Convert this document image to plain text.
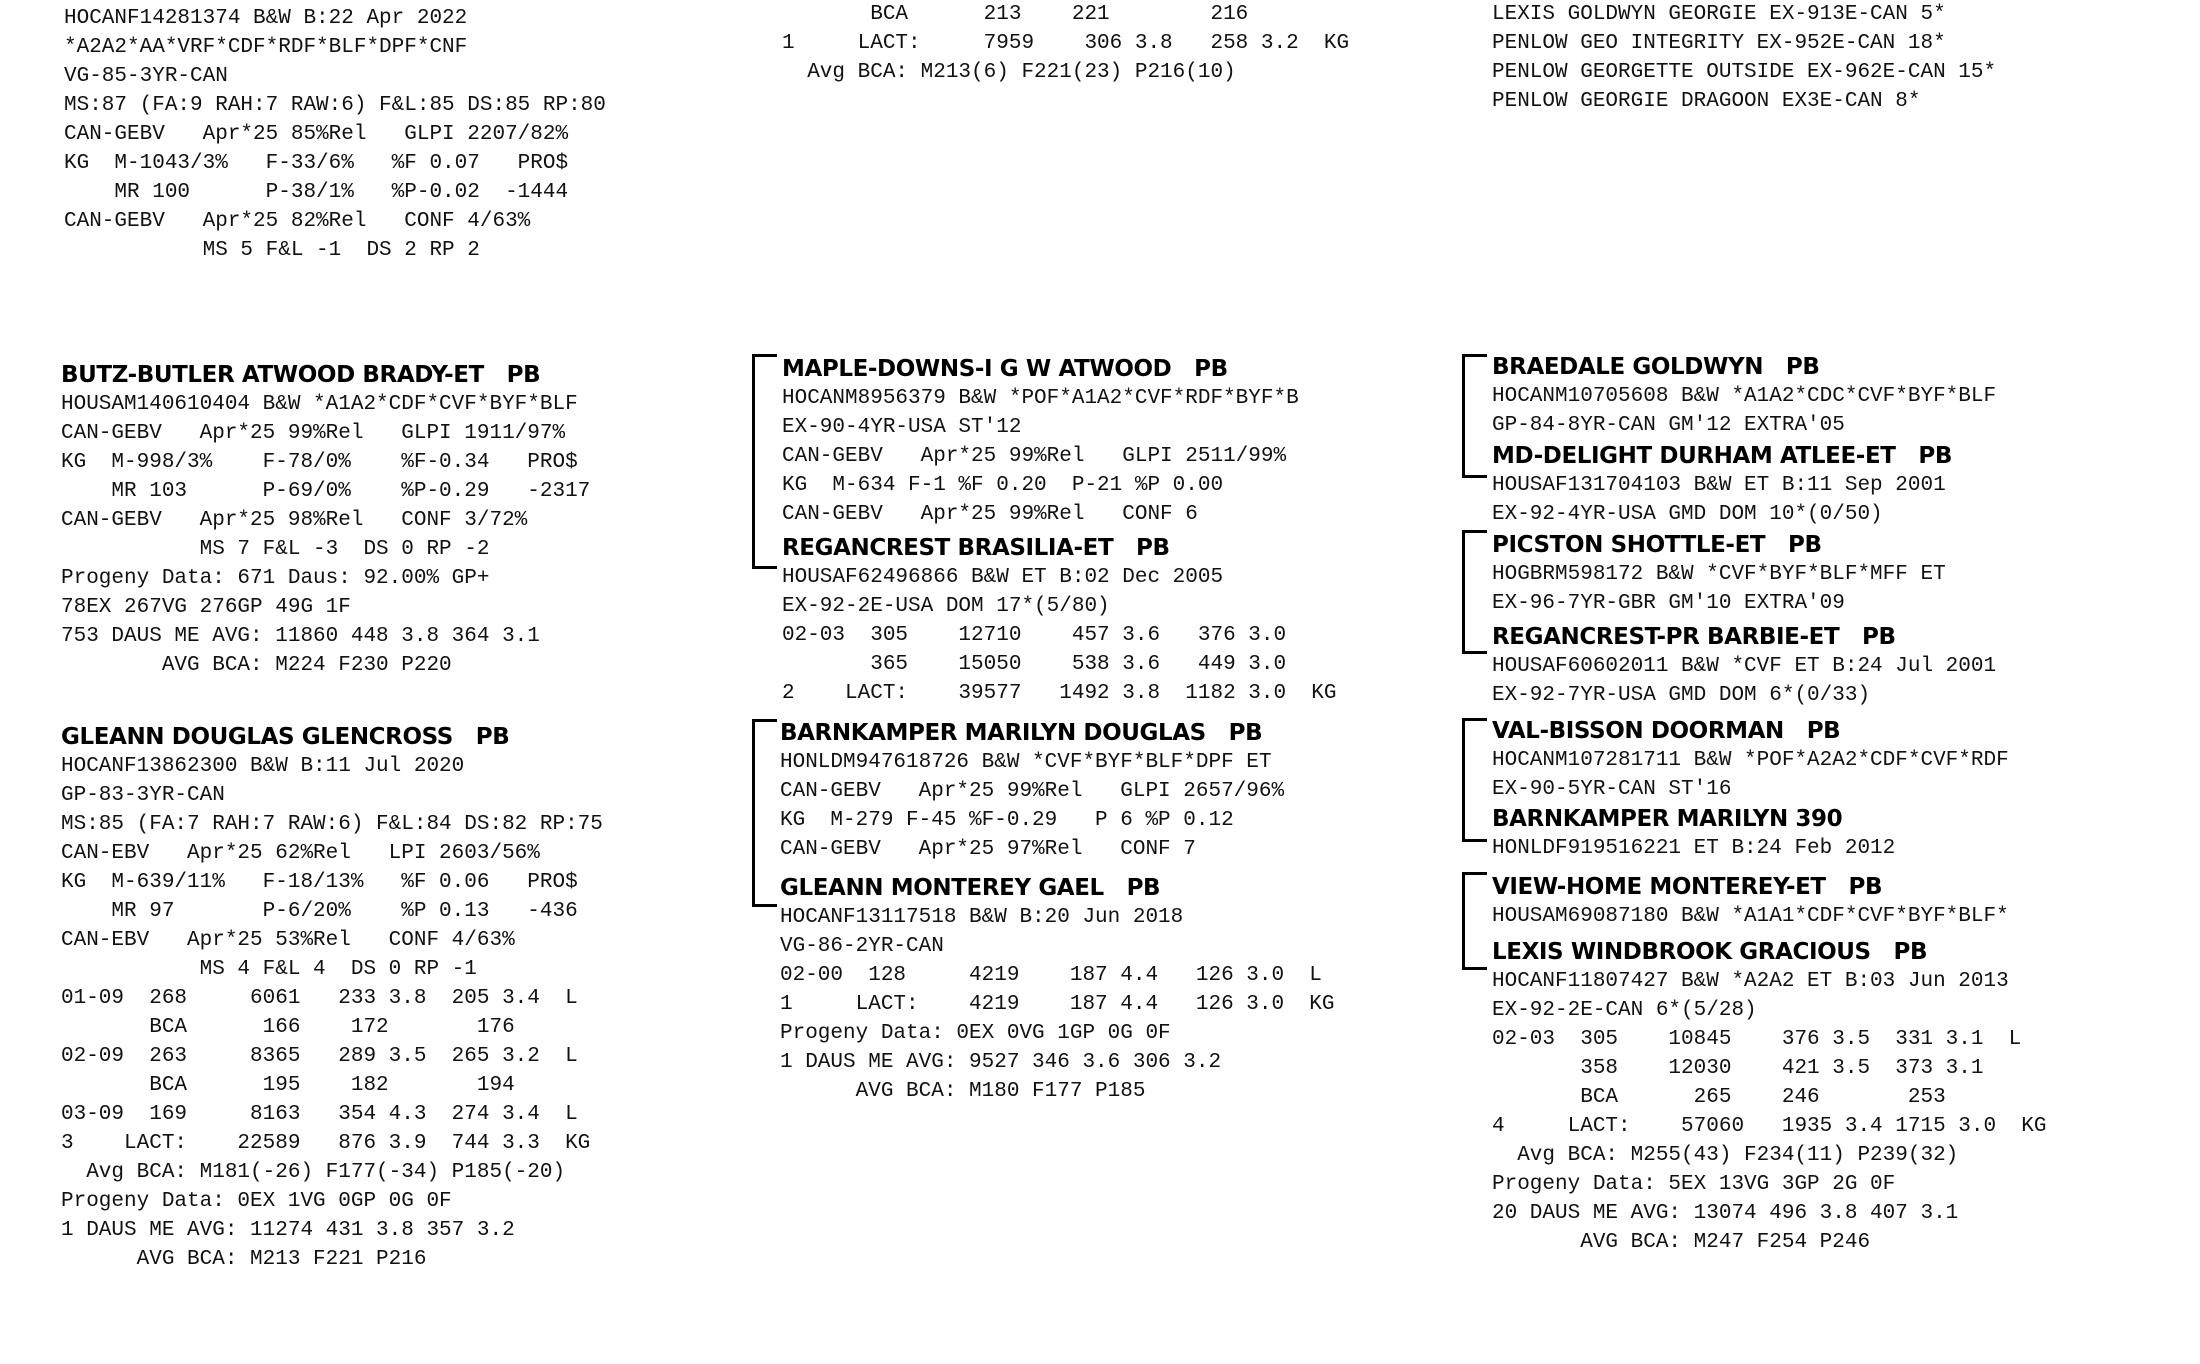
HOCANF14281374 B&W B:22 Apr 2022
*A2A2*AA*VRF*CDF*RDF*BLF*DPF*CNF
VG-85-3YR-CAN
MS:87 (FA:9 RAH:7 RAW:6) F&L:85 DS:85 RP:80
CAN-GEBV   Apr*25 85%Rel   GLPI 2207/82%
KG  M-1043/3%   F-33/6%   %F 0.07   PRO$
MR 100      P-38/1%   %P-0.02  -1444
CAN-GEBV   Apr*25 82%Rel   CONF 4/63%
MS 5 F&L -1  DS 2 RP 2
BCA      213    221        216
1     LACT:     7959    306 3.8   258 3.2  KG
Avg BCA: M213(6) F221(23) P216(10)
LEXIS GOLDWYN GEORGIE EX-913E-CAN 5*
PENLOW GEO INTEGRITY EX-952E-CAN 18*
PENLOW GEORGETTE OUTSIDE EX-962E-CAN 15*
PENLOW GEORGIE DRAGOON EX3E-CAN 8*
BUTZ-BUTLER ATWOOD BRADY-ET   PB
HOUSAM140610404 B&W *A1A2*CDF*CVF*BYF*BLF
CAN-GEBV   Apr*25 99%Rel   GLPI 1911/97%
KG  M-998/3%    F-78/0%    %F-0.34   PRO$
MR 103      P-69/0%    %P-0.29   -2317
CAN-GEBV   Apr*25 98%Rel   CONF 3/72%
MS 7 F&L -3  DS 0 RP -2
Progeny Data: 671 Daus: 92.00% GP+
78EX 267VG 276GP 49G 1F
753 DAUS ME AVG: 11860 448 3.8 364 3.1
AVG BCA: M224 F230 P220
GLEANN DOUGLAS GLENCROSS   PB
HOCANF13862300 B&W B:11 Jul 2020
GP-83-3YR-CAN
MS:85 (FA:7 RAH:7 RAW:6) F&L:84 DS:82 RP:75
CAN-EBV   Apr*25 62%Rel   LPI 2603/56%
KG  M-639/11%   F-18/13%   %F 0.06   PRO$
MR 97       P-6/20%    %P 0.13   -436
CAN-EBV   Apr*25 53%Rel   CONF 4/63%
MS 4 F&L 4  DS 0 RP -1
01-09  268     6061   233 3.8  205 3.4  L
BCA      166    172       176
02-09  263     8365   289 3.5  265 3.2  L
BCA      195    182       194
03-09  169     8163   354 4.3  274 3.4  L
3    LACT:    22589   876 3.9  744 3.3  KG
Avg BCA: M181(-26) F177(-34) P185(-20)
Progeny Data: 0EX 1VG 0GP 0G 0F
1 DAUS ME AVG: 11274 431 3.8 357 3.2
AVG BCA: M213 F221 P216
MAPLE-DOWNS-I G W ATWOOD   PB
HOCANM8956379 B&W *POF*A1A2*CVF*RDF*BYF*B
EX-90-4YR-USA ST'12
CAN-GEBV   Apr*25 99%Rel   GLPI 2511/99%
KG  M-634 F-1 %F 0.20  P-21 %P 0.00
CAN-GEBV   Apr*25 99%Rel   CONF 6
REGANCREST BRASILIA-ET   PB
HOUSAF62496866 B&W ET B:02 Dec 2005
EX-92-2E-USA DOM 17*(5/80)
02-03  305    12710    457 3.6   376 3.0
365    15050    538 3.6   449 3.0
2    LACT:    39577   1492 3.8  1182 3.0  KG
BARNKAMPER MARILYN DOUGLAS   PB
HONLDM947618726 B&W *CVF*BYF*BLF*DPF ET
CAN-GEBV   Apr*25 99%Rel   GLPI 2657/96%
KG  M-279 F-45 %F-0.29   P 6 %P 0.12
CAN-GEBV   Apr*25 97%Rel   CONF 7
GLEANN MONTEREY GAEL   PB
HOCANF13117518 B&W B:20 Jun 2018
VG-86-2YR-CAN
02-00  128     4219    187 4.4   126 3.0  L
1     LACT:    4219    187 4.4   126 3.0  KG
Progeny Data: 0EX 0VG 1GP 0G 0F
1 DAUS ME AVG: 9527 346 3.6 306 3.2
AVG BCA: M180 F177 P185
BRAEDALE GOLDWYN   PB
HOCANM10705608 B&W *A1A2*CDC*CVF*BYF*BLF
GP-84-8YR-CAN GM'12 EXTRA'05
MD-DELIGHT DURHAM ATLEE-ET   PB
HOUSAF131704103 B&W ET B:11 Sep 2001
EX-92-4YR-USA GMD DOM 10*(0/50)
PICSTON SHOTTLE-ET   PB
HOGBRM598172 B&W *CVF*BYF*BLF*MFF ET
EX-96-7YR-GBR GM'10 EXTRA'09
REGANCREST-PR BARBIE-ET   PB
HOUSAF60602011 B&W *CVF ET B:24 Jul 2001
EX-92-7YR-USA GMD DOM 6*(0/33)
VAL-BISSON DOORMAN   PB
HOCANM107281711 B&W *POF*A2A2*CDF*CVF*RDF
EX-90-5YR-CAN ST'16
BARNKAMPER MARILYN 390
HONLDF919516221 ET B:24 Feb 2012
VIEW-HOME MONTEREY-ET   PB
HOUSAM69087180 B&W *A1A1*CDF*CVF*BYF*BLF*
LEXIS WINDBROOK GRACIOUS   PB
HOCANF11807427 B&W *A2A2 ET B:03 Jun 2013
EX-92-2E-CAN 6*(5/28)
02-03  305    10845    376 3.5  331 3.1  L
358    12030    421 3.5  373 3.1
BCA      265    246       253
4     LACT:    57060   1935 3.4 1715 3.0  KG
Avg BCA: M255(43) F234(11) P239(32)
Progeny Data: 5EX 13VG 3GP 2G 0F
20 DAUS ME AVG: 13074 496 3.8 407 3.1
AVG BCA: M247 F254 P246
